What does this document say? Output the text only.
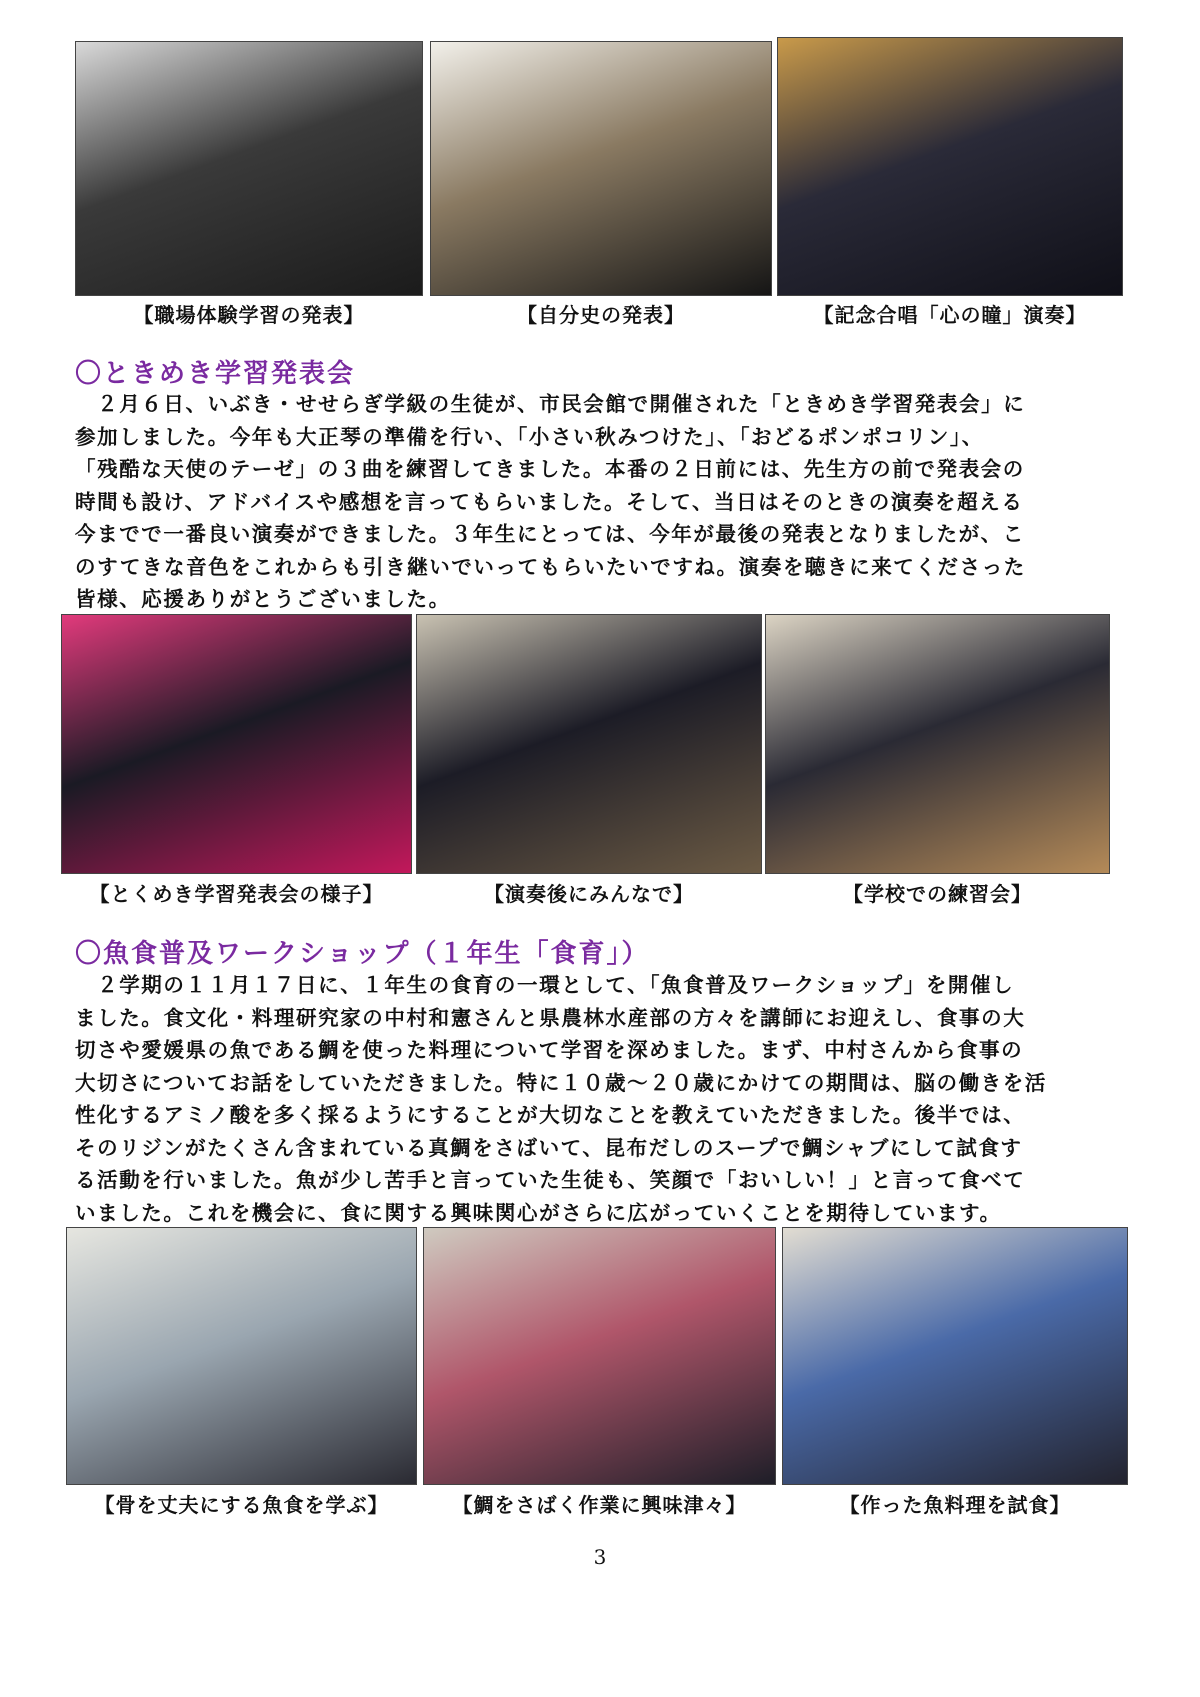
【職場体験学習の発表】	【自分史の発表】	【記念合唱「心の瞳」演奏】
〇ときめき学習発表会
　２月６日、いぶき・せせらぎ学級の生徒が、市民会館で開催された「ときめき学習発表会」に
参加しました。今年も大正琴の準備を行い、「小さい秋みつけた」、「おどるポンポコリン」、
「残酷な天使のテーゼ」の３曲を練習してきました。本番の２日前には、先生方の前で発表会の
時間も設け、アドバイスや感想を言ってもらいました。そして、当日はそのときの演奏を超える
今までで一番良い演奏ができました。３年生にとっては、今年が最後の発表となりましたが、こ
のすてきな音色をこれからも引き継いでいってもらいたいですね。演奏を聴きに来てくださった
皆様、応援ありがとうございました。
【とくめき学習発表会の様子】	【演奏後にみんなで】	【学校での練習会】
〇魚食普及ワークショップ（１年生「食育」）
　２学期の１１月１７日に、１年生の食育の一環として、「魚食普及ワークショップ」を開催し
ました。食文化・料理研究家の中村和憲さんと県農林水産部の方々を講師にお迎えし、食事の大
切さや愛媛県の魚である鯛を使った料理について学習を深めました。まず、中村さんから食事の
大切さについてお話をしていただきました。特に１０歳～２０歳にかけての期間は、脳の働きを活
性化するアミノ酸を多く採るようにすることが大切なことを教えていただきました。後半では、
そのリジンがたくさん含まれている真鯛をさばいて、昆布だしのスープで鯛シャブにして試食す
る活動を行いました。魚が少し苦手と言っていた生徒も、笑顔で「おいしい！」と言って食べて
いました。これを機会に、食に関する興味関心がさらに広がっていくことを期待しています。
【骨を丈夫にする魚食を学ぶ】	【鯛をさばく作業に興味津々】	【作った魚料理を試食】
3
